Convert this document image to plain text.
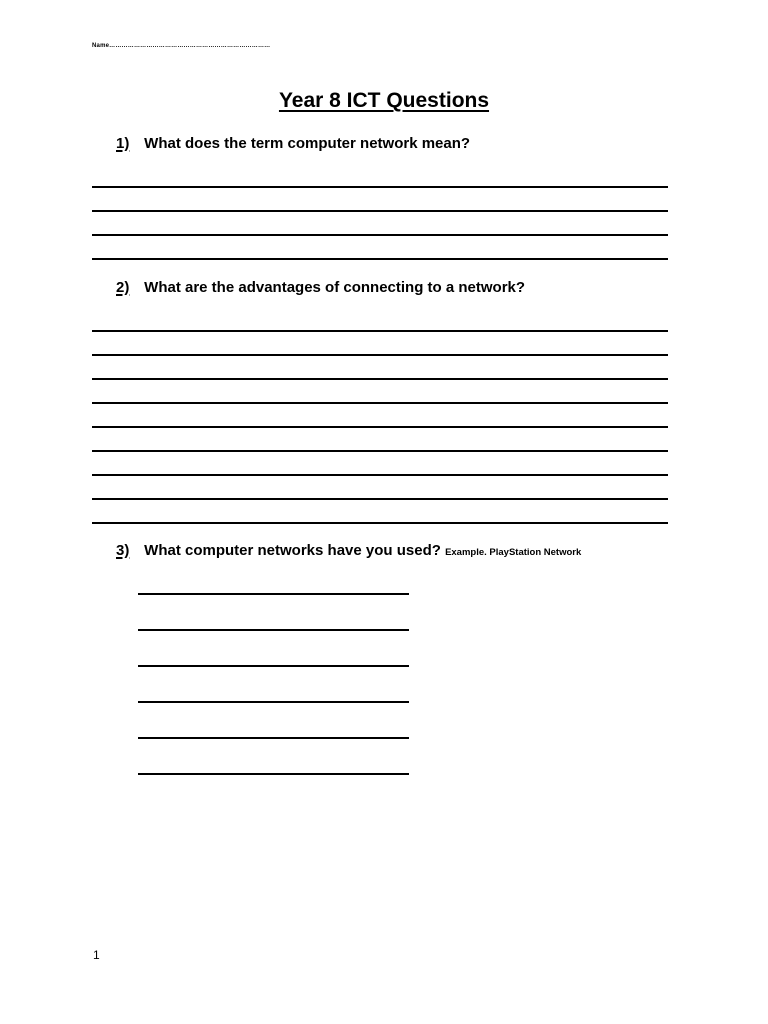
Name……………………………………………………………………
Year 8 ICT Questions
1) What does the term computer network mean?
2) What are the advantages of connecting to a network?
3) What computer networks have you used? Example. PlayStation Network
1
